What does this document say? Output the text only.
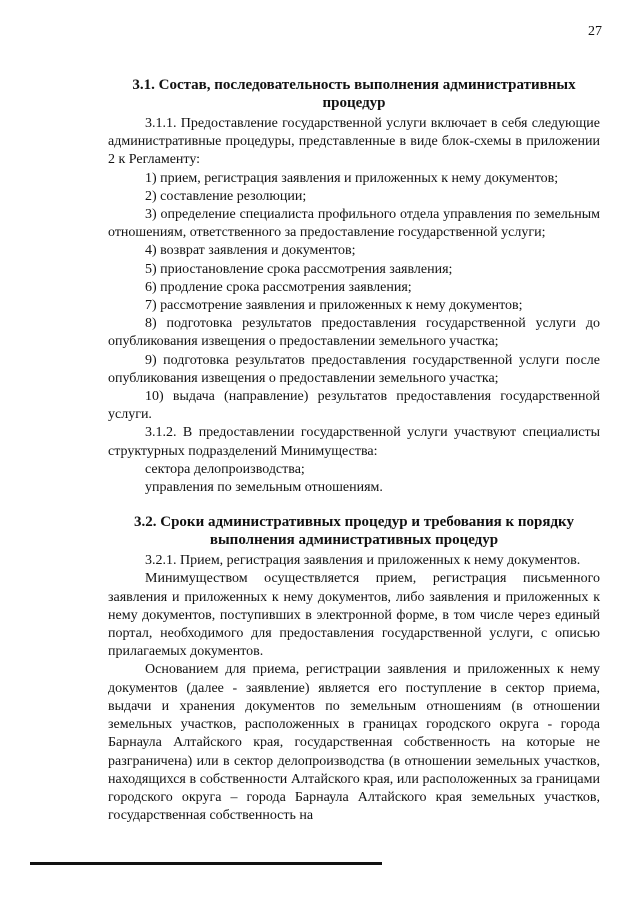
27
3.1. Состав, последовательность выполнения административных процедур

3.1.1. Предоставление государственной услуги включает в себя следующие административные процедуры, представленные в виде блок-схемы в приложении 2 к Регламенту:

1) прием, регистрация заявления и приложенных к нему документов;

2) составление резолюции;

3) определение специалиста профильного отдела управления по земельным отношениям, ответственного за предоставление государственной услуги;

4) возврат заявления и документов;

5) приостановление срока рассмотрения заявления;

6) продление срока рассмотрения заявления;

7) рассмотрение заявления и приложенных к нему документов;

8) подготовка результатов предоставления государственной услуги до опубликования извещения о предоставлении земельного участка;

9) подготовка результатов предоставления государственной услуги после опубликования извещения о предоставлении земельного участка;

10) выдача (направление) результатов предоставления государственной услуги.

3.1.2. В предоставлении государственной услуги участвуют специалисты структурных подразделений Минимущества:

сектора делопроизводства;

управления по земельным отношениям.

3.2. Сроки административных процедур и требования к порядку выполнения административных процедур

3.2.1. Прием, регистрация заявления и приложенных к нему документов.

Минимуществом осуществляется прием, регистрация письменного заявления и приложенных к нему документов, либо заявления и приложенных к нему документов, поступивших в электронной форме, в том числе через единый портал, необходимого для предоставления государственной услуги, с описью прилагаемых документов.

Основанием для приема, регистрации заявления и приложенных к нему документов (далее - заявление) является его поступление в сектор приема, выдачи и хранения документов по земельным отношениям (в отношении земельных участков, расположенных в границах городского округа - города Барнаула Алтайского края, государственная собственность на которые не разграничена) или в сектор делопроизводства (в отношении земельных участков, находящихся в собственности Алтайского края, или расположенных за границами городского округа – города Барнаула Алтайского края земельных участков, государственная собственность на
